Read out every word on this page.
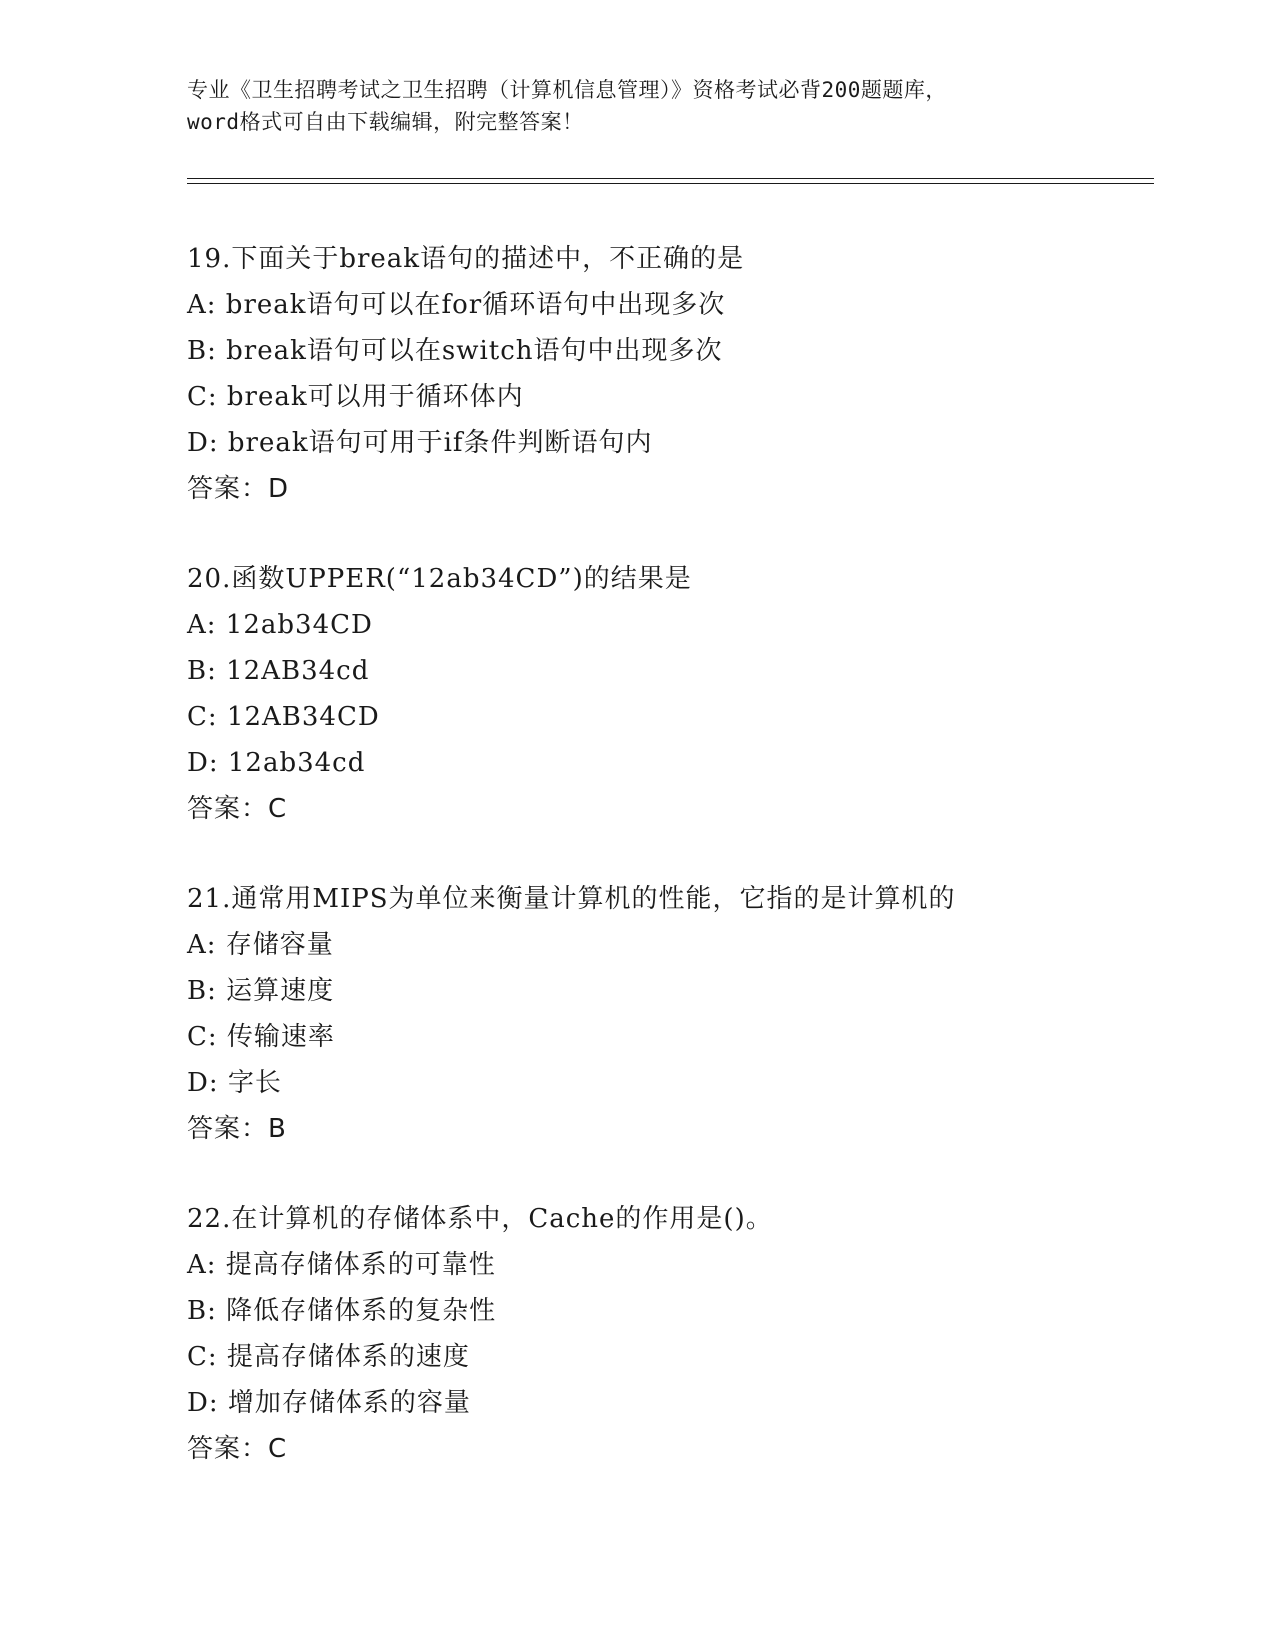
专业《卫生招聘考试之卫生招聘（计算机信息管理）》资格考试必背200题题库，

word格式可自由下载编辑，附完整答案！

19.下面关于break语句的描述中，不正确的是
A: break语句可以在for循环语句中出现多次
B: break语句可以在switch语句中出现多次
C: break可以用于循环体内
D: break语句可用于if条件判断语句内
答案：D
20.函数UPPER(“12ab34CD”)的结果是
A: 12ab34CD
B: 12AB34cd
C: 12AB34CD
D: 12ab34cd
答案：C
21.通常用MIPS为单位来衡量计算机的性能，它指的是计算机的
A: 存储容量
B: 运算速度
C: 传输速率
D: 字长
答案：B
22.在计算机的存储体系中，Cache的作用是()。
A: 提高存储体系的可靠性
B: 降低存储体系的复杂性
C: 提高存储体系的速度
D: 增加存储体系的容量
答案：C
